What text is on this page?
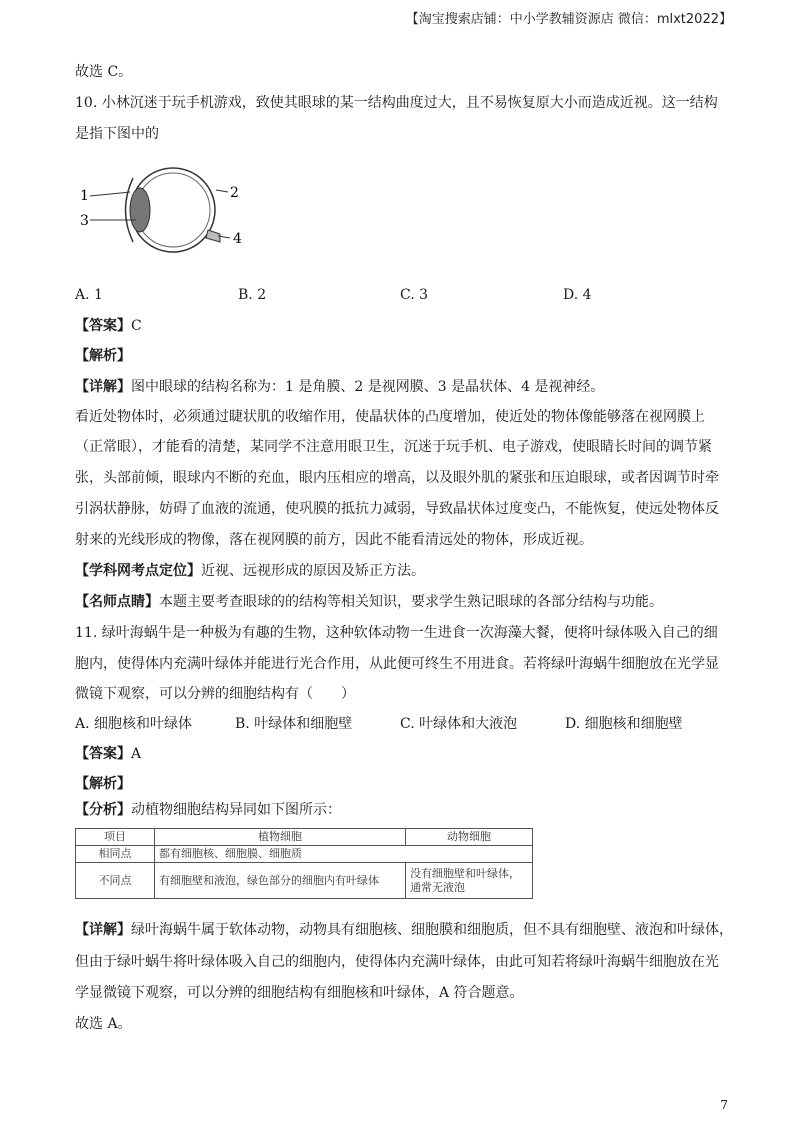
【淘宝搜索店铺：中小学教辅资源店 微信：mlxt2022】
故选 C。
10. 小林沉迷于玩手机游戏，致使其眼球的某一结构曲度过大，且不易恢复原大小而造成近视。这一结构
是指下图中的
1	2
3
4
A. 1	B. 2	C. 3	D. 4
【答案】C
【解析】
【详解】图中眼球的结构名称为：1 是角膜、2 是视网膜、3 是晶状体、4 是视神经。
看近处物体时，必须通过睫状肌的收缩作用，使晶状体的凸度增加，使近处的物体像能够落在视网膜上
（正常眼），才能看的清楚，某同学不注意用眼卫生，沉迷于玩手机、电子游戏，使眼睛长时间的调节紧
张，头部前倾，眼球内不断的充血，眼内压相应的增高，以及眼外肌的紧张和压迫眼球，或者因调节时牵
引涡状静脉，妨碍了血液的流通，使巩膜的抵抗力减弱，导致晶状体过度变凸，不能恢复，使远处物体反
射来的光线形成的物像，落在视网膜的前方，因此不能看清远处的物体，形成近视。
【学科网考点定位】近视、远视形成的原因及矫正方法。
【名师点睛】本题主要考查眼球的的结构等相关知识，要求学生熟记眼球的各部分结构与功能。
11. 绿叶海蜗牛是一种极为有趣的生物，这种软体动物一生进食一次海藻大餐，便将叶绿体吸入自己的细
胞内，使得体内充满叶绿体并能进行光合作用，从此便可终生不用进食。若将绿叶海蜗牛细胞放在光学显
微镜下观察，可以分辨的细胞结构有（　　）
A. 细胞核和叶绿体	B. 叶绿体和细胞壁	C. 叶绿体和大液泡	D. 细胞核和细胞壁
【答案】A
【解析】
【分析】动植物细胞结构异同如下图所示：
项目	植物细胞	动物细胞
相同点	都有细胞核、细胞膜、细胞质	
不同点	有细胞壁和液泡，绿色部分的细胞内有叶绿体	没有细胞壁和叶绿体，通常无液泡
【详解】绿叶海蜗牛属于软体动物，动物具有细胞核、细胞膜和细胞质，但不具有细胞壁、液泡和叶绿体，
但由于绿叶蜗牛将叶绿体吸入自己的细胞内，使得体内充满叶绿体，由此可知若将绿叶海蜗牛细胞放在光
学显微镜下观察，可以分辨的细胞结构有细胞核和叶绿体，A 符合题意。
故选 A。
7
